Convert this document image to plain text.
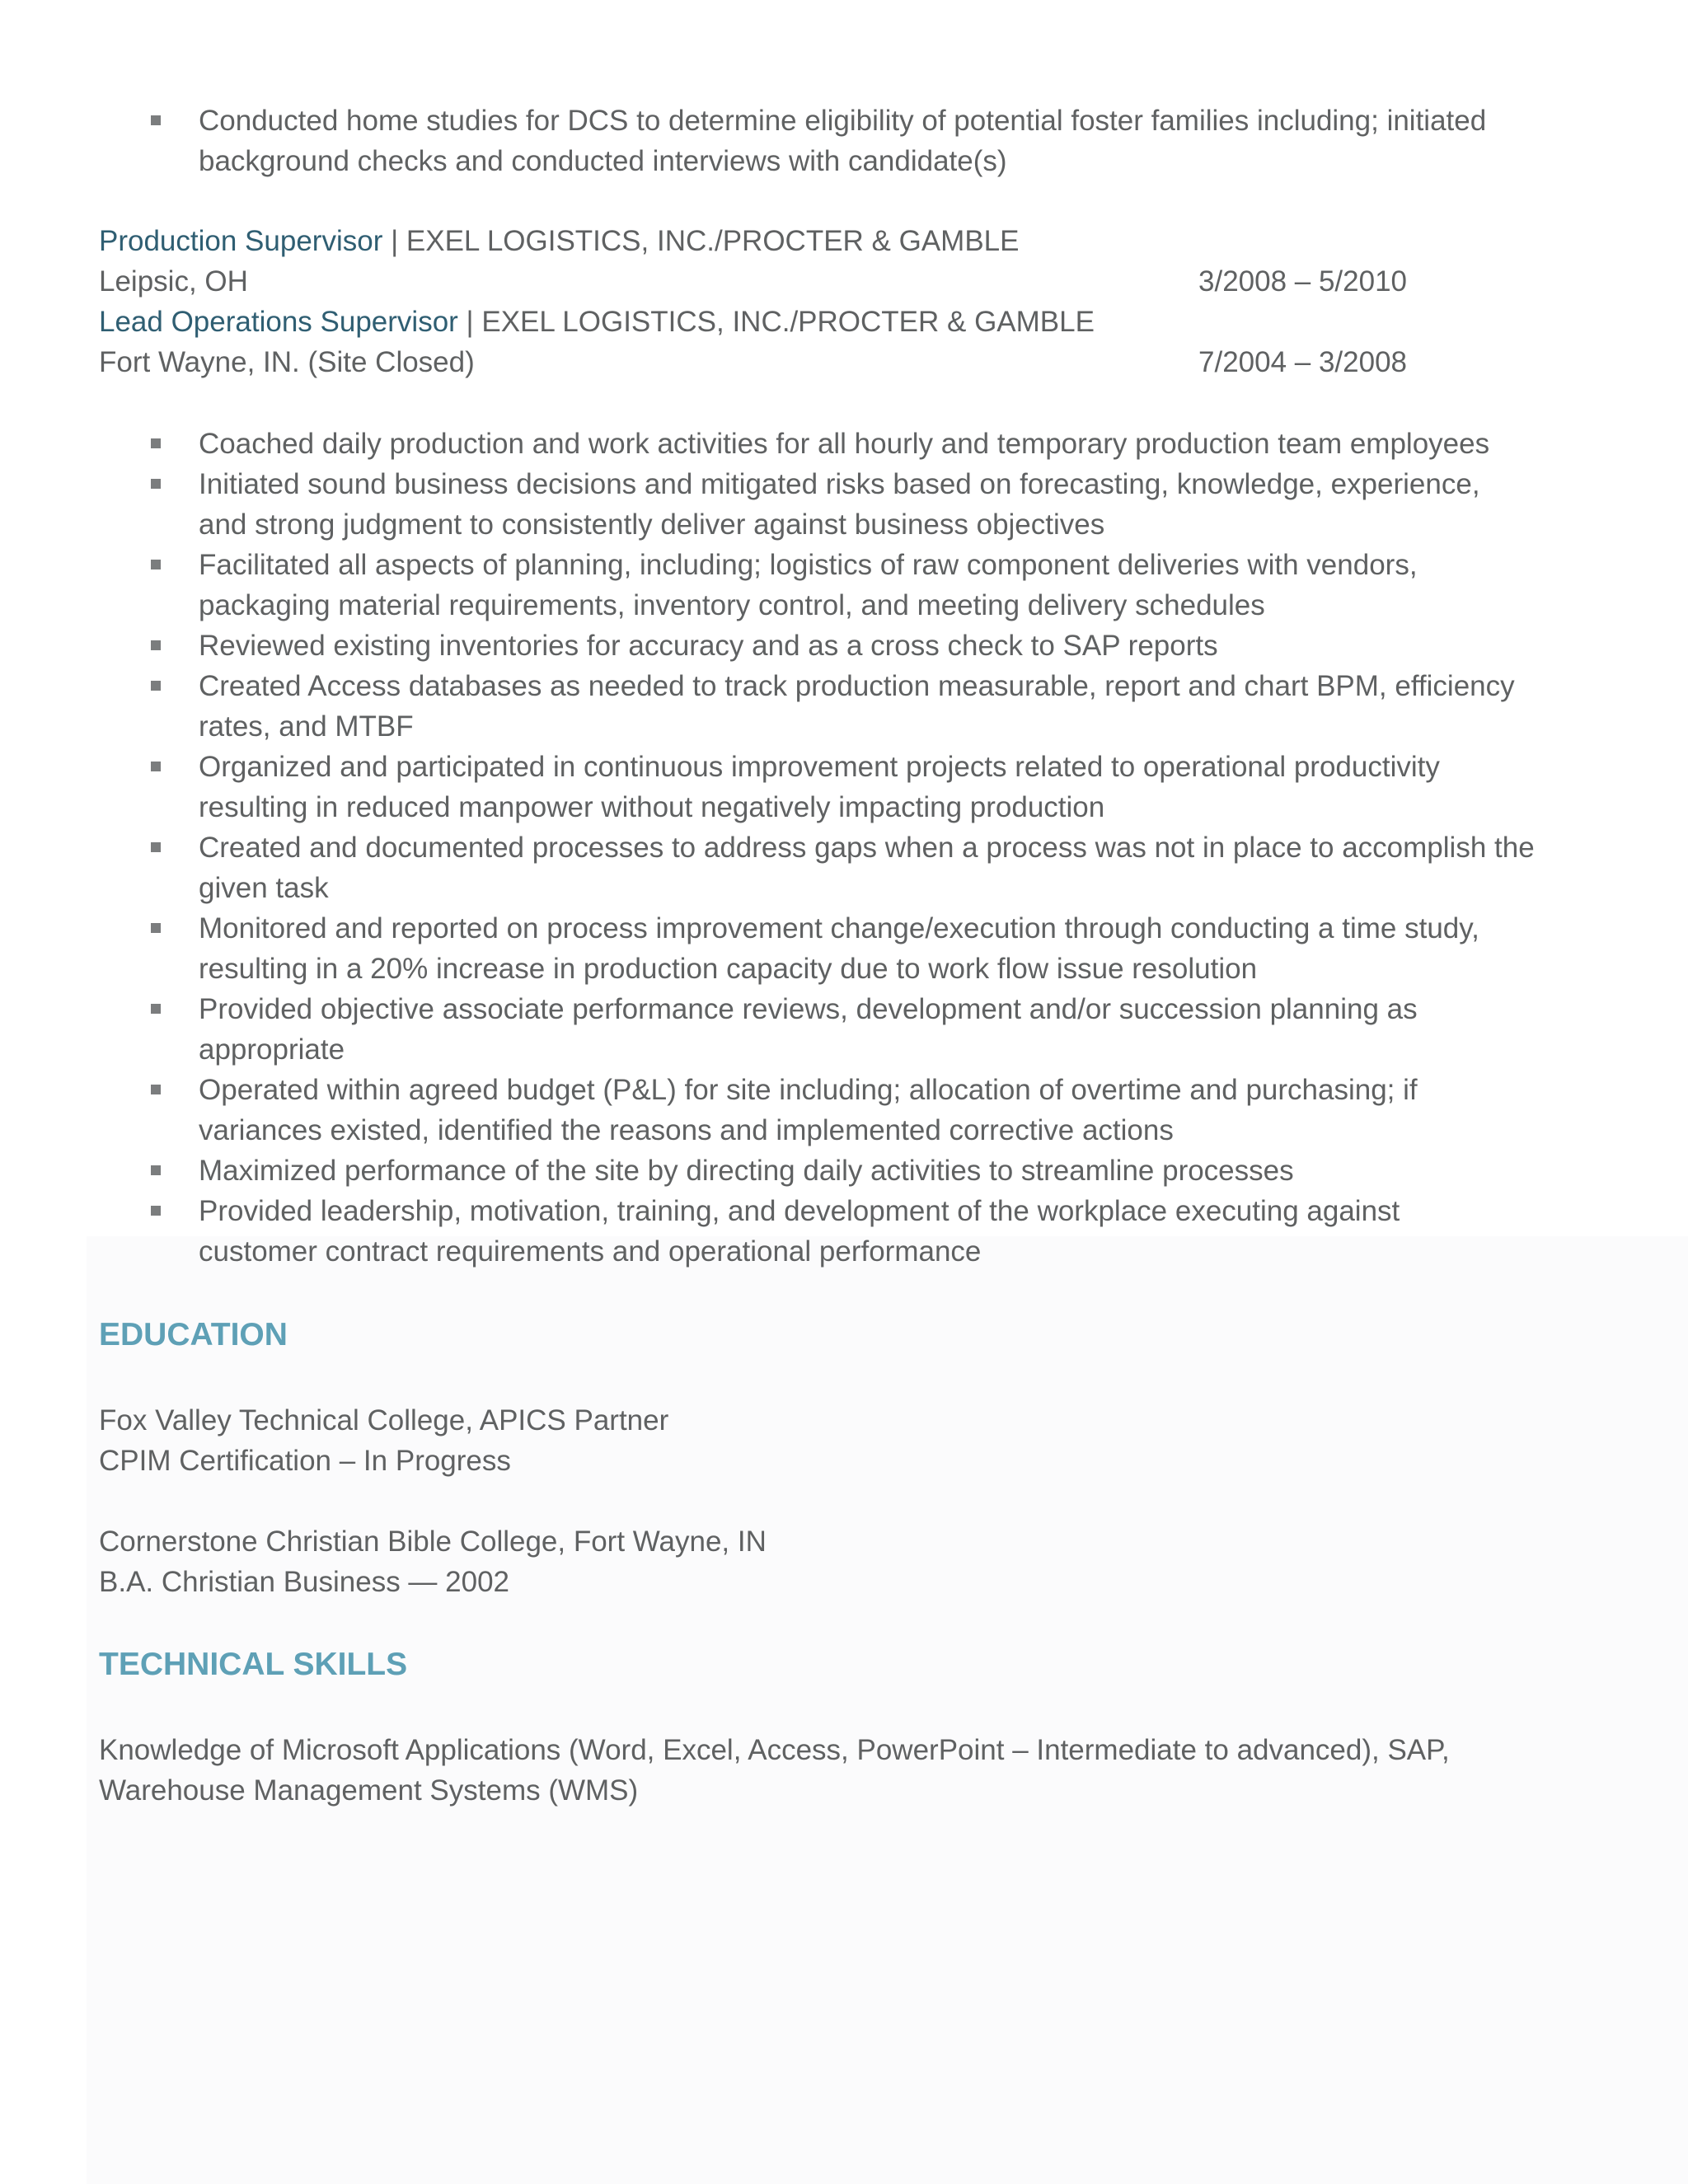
Conducted home studies for DCS to determine eligibility of potential foster families including; initiated
background checks and conducted interviews with candidate(s)
Production Supervisor | EXEL LOGISTICS, INC./PROCTER & GAMBLE
Leipsic, OH	3/2008 – 5/2010
Lead Operations Supervisor | EXEL LOGISTICS, INC./PROCTER & GAMBLE
Fort Wayne, IN. (Site Closed)	7/2004 – 3/2008
Coached daily production and work activities for all hourly and temporary production team employees
Initiated sound business decisions and mitigated risks based on forecasting, knowledge, experience,
and strong judgment to consistently deliver against business objectives
Facilitated all aspects of planning, including; logistics of raw component deliveries with vendors,
packaging material requirements, inventory control, and meeting delivery schedules
Reviewed existing inventories for accuracy and as a cross check to SAP reports
Created Access databases as needed to track production measurable, report and chart BPM, efficiency
rates, and MTBF
Organized and participated in continuous improvement projects related to operational productivity
resulting in reduced manpower without negatively impacting production
Created and documented processes to address gaps when a process was not in place to accomplish the
given task
Monitored and reported on process improvement change/execution through conducting a time study,
resulting in a 20% increase in production capacity due to work flow issue resolution
Provided objective associate performance reviews, development and/or succession planning as
appropriate
Operated within agreed budget (P&L) for site including; allocation of overtime and purchasing; if
variances existed, identified the reasons and implemented corrective actions
Maximized performance of the site by directing daily activities to streamline processes
Provided leadership, motivation, training, and development of the workplace executing against
customer contract requirements and operational performance
EDUCATION
Fox Valley Technical College, APICS Partner
CPIM Certification – In Progress
Cornerstone Christian Bible College, Fort Wayne, IN
B.A. Christian Business — 2002
TECHNICAL SKILLS
Knowledge of Microsoft Applications (Word, Excel, Access, PowerPoint – Intermediate to advanced), SAP,
Warehouse Management Systems (WMS)
